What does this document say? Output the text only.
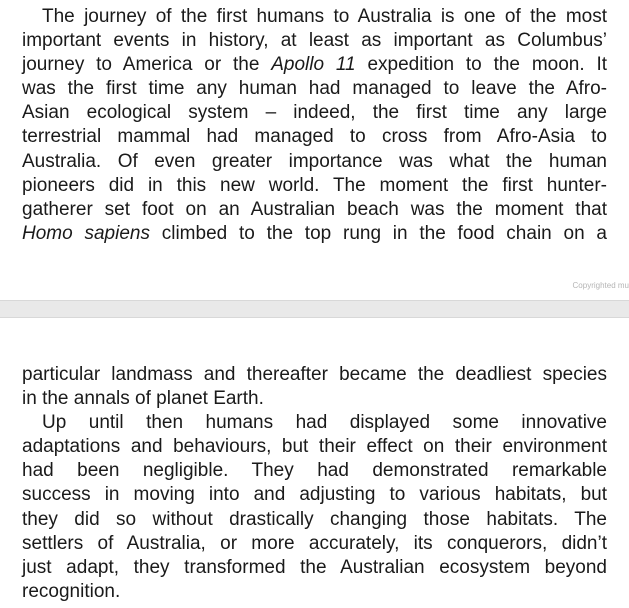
The journey of the first humans to Australia is one of the most
important events in history, at least as important as Columbus’
journey to America or the Apollo 11 expedition to the moon. It
was the first time any human had managed to leave the Afro-
Asian ecological system – indeed, the first time any large
terrestrial mammal had managed to cross from Afro-Asia to
Australia. Of even greater importance was what the human
pioneers did in this new world. The moment the first hunter-
gatherer set foot on an Australian beach was the moment that
Homo sapiens climbed to the top rung in the food chain on a
Copyrighted mu
particular landmass and thereafter became the deadliest species
in the annals of planet Earth.
Up until then humans had displayed some innovative
adaptations and behaviours, but their effect on their environment
had been negligible. They had demonstrated remarkable
success in moving into and adjusting to various habitats, but
they did so without drastically changing those habitats. The
settlers of Australia, or more accurately, its conquerors, didn’t
just adapt, they transformed the Australian ecosystem beyond
recognition.
